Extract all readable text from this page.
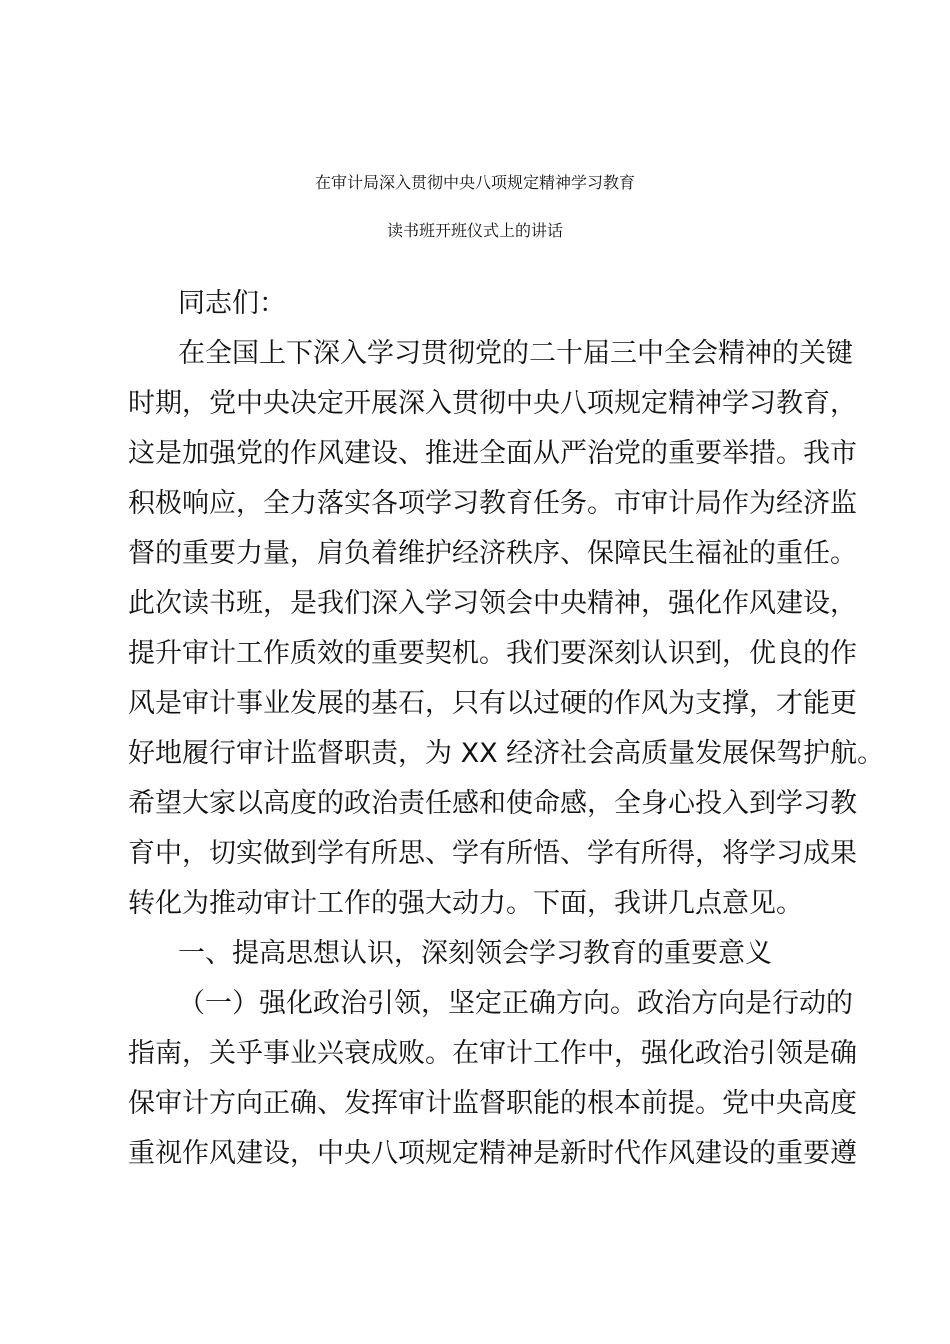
在审计局深入贯彻中央八项规定精神学习教育
读书班开班仪式上的讲话
同志们：
在全国上下深入学习贯彻党的二十届三中全会精神的关键
时期，党中央决定开展深入贯彻中央八项规定精神学习教育，
这是加强党的作风建设、推进全面从严治党的重要举措。我市
积极响应，全力落实各项学习教育任务。市审计局作为经济监
督的重要力量，肩负着维护经济秩序、保障民生福祉的重任。
此次读书班，是我们深入学习领会中央精神，强化作风建设，
提升审计工作质效的重要契机。我们要深刻认识到，优良的作
风是审计事业发展的基石，只有以过硬的作风为支撑，才能更
好地履行审计监督职责，为 XX 经济社会高质量发展保驾护航。
希望大家以高度的政治责任感和使命感，全身心投入到学习教
育中，切实做到学有所思、学有所悟、学有所得，将学习成果
转化为推动审计工作的强大动力。下面，我讲几点意见。
一、提高思想认识，深刻领会学习教育的重要意义
（一）强化政治引领，坚定正确方向。政治方向是行动的
指南，关乎事业兴衰成败。在审计工作中，强化政治引领是确
保审计方向正确、发挥审计监督职能的根本前提。党中央高度
重视作风建设，中央八项规定精神是新时代作风建设的重要遵
